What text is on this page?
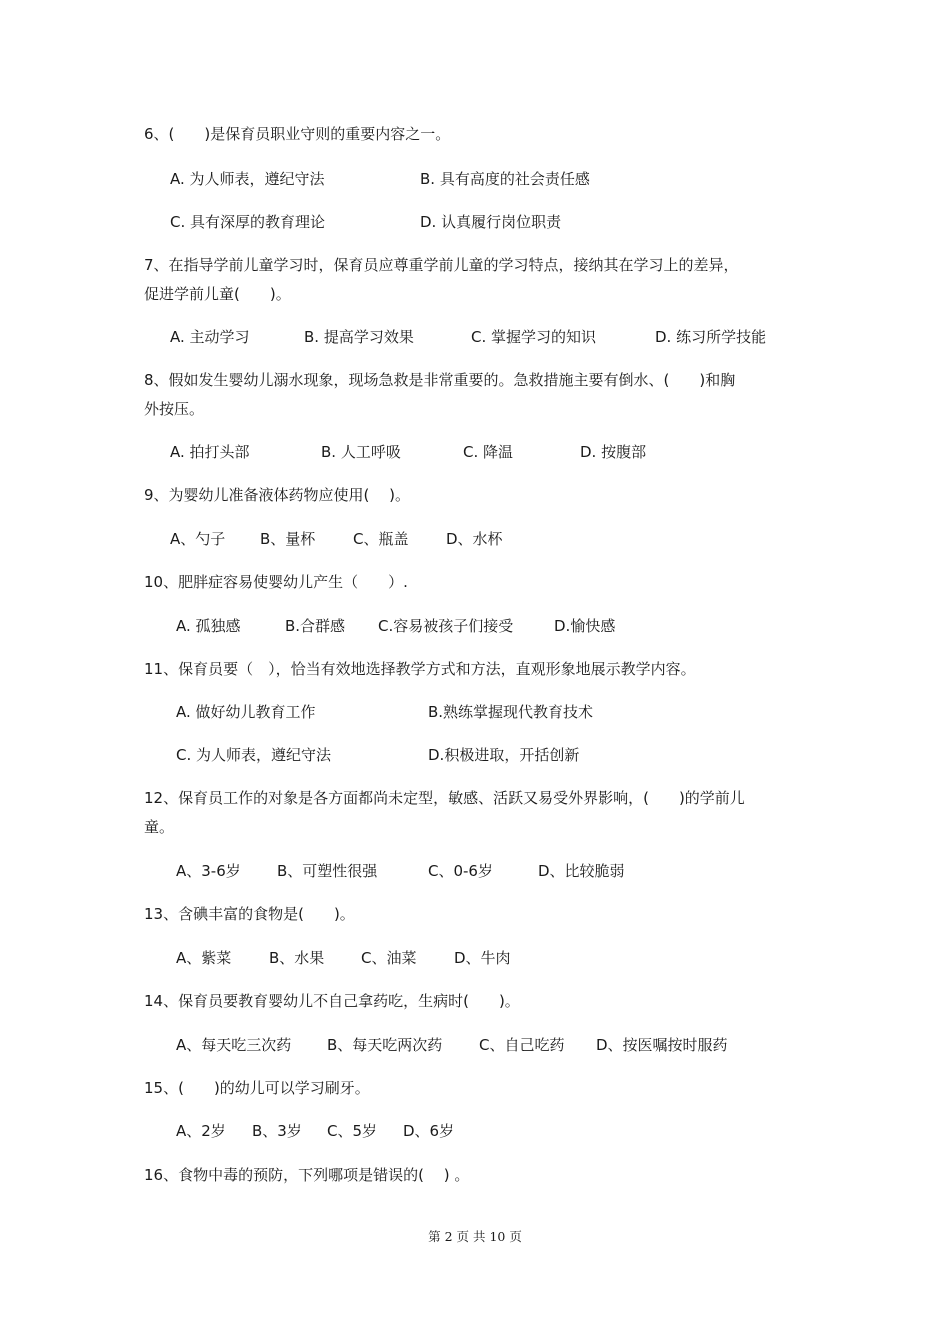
6、(　　)是保育员职业守则的重要内容之一。
A. 为人师表，遵纪守法	B. 具有高度的社会责任感
C. 具有深厚的教育理论	D. 认真履行岗位职责
7、在指导学前儿童学习时，保育员应尊重学前儿童的学习特点，接纳其在学习上的差异，
促进学前儿童(　　)。
A. 主动学习	B. 提高学习效果	C. 掌握学习的知识	D. 练习所学技能
8、假如发生婴幼儿溺水现象，现场急救是非常重要的。急救措施主要有倒水、(　　)和胸
外按压。
A. 拍打头部	B. 人工呼吸	C. 降温	D. 按腹部
9、为婴幼儿准备液体药物应使用(　 )。
A、勺子 B、量杯	C、瓶盖	D、水杯
10、肥胖症容易使婴幼儿产生（　　）.
A. 孤独感	B.合群感 C.容易被孩子们接受	D.愉快感
11、保育员要（　），恰当有效地选择教学方式和方法，直观形象地展示教学内容。
A. 做好幼儿教育工作	B.熟练掌握现代教育技术
C. 为人师表，遵纪守法	D.积极进取，开括创新
12、保育员工作的对象是各方面都尚未定型，敏感、活跃又易受外界影响，(　　)的学前儿
童。
A、3-6岁 B、可塑性很强	C、0-6岁	D、比较脆弱
13、含碘丰富的食物是(　　)。
A、紫菜	B、水果 C、油菜	D、牛肉
14、保育员要教育婴幼儿不自己拿药吃，生病时(　　)。
A、每天吃三次药 B、每天吃两次药 C、自己吃药 D、按医嘱按时服药
15、(　　)的幼儿可以学习刷牙。
A、2岁 B、3岁 C、5岁 D、6岁
16、食物中毒的预防，下列哪项是错误的(　 ) 。
第 2 页 共 10 页
